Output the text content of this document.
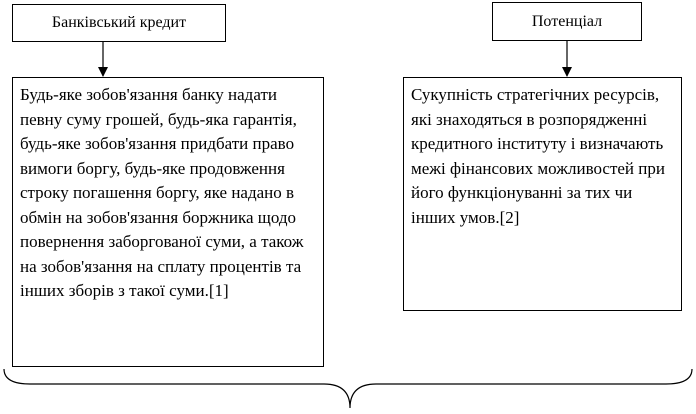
Банківський кредит	Потенціал
Будь-яке зобов'язання банку надати певну суму грошей, будь-яка гарантія, будь-яке зобов'язання придбати право вимоги боргу, будь-яке продовження строку погашення боргу, яке надано в обмін на зобов'язання боржника щодо повернення заборгованої суми, а також на зобов'язання на сплату процентів та інших зборів з такої суми.[1]
Сукупність стратегічних ресурсів, які знаходяться в розпорядженні кредитного інституту і визначають межі фінансових можливостей при його функціонуванні за тих чи інших умов.[2]
